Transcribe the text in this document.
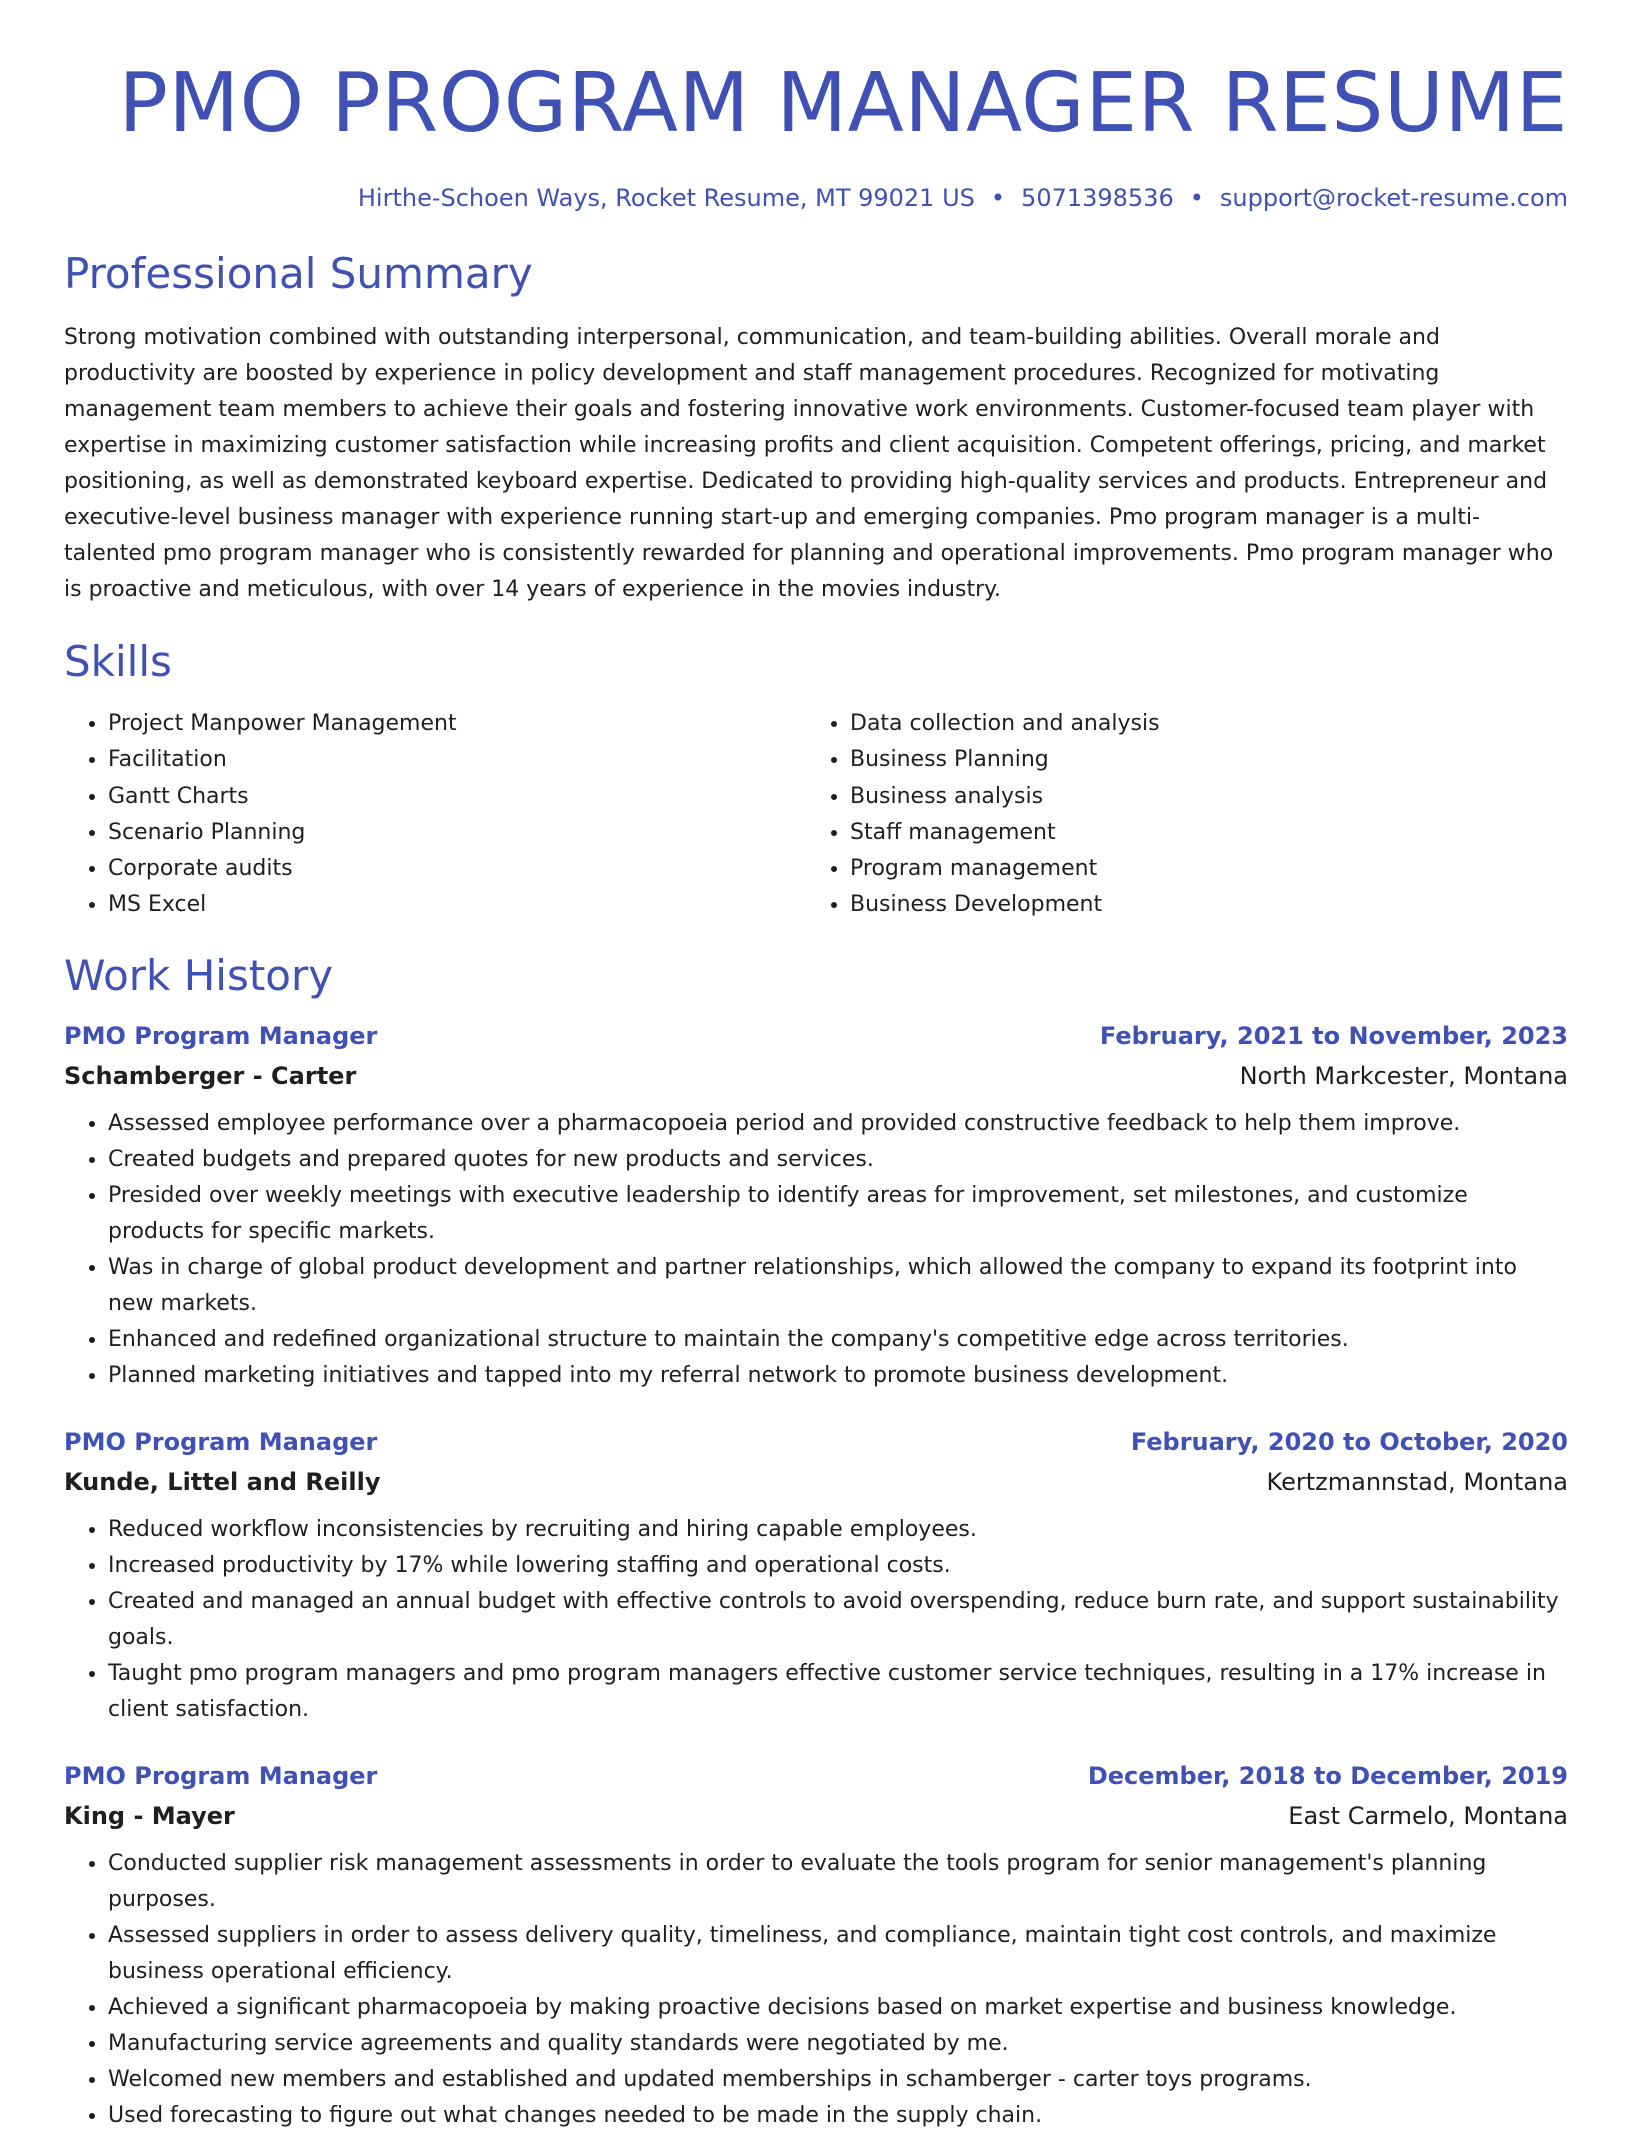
PMO PROGRAM MANAGER RESUME
Hirthe-Schoen Ways, Rocket Resume, MT 99021 US • 5071398536 • support@rocket-resume.com
Professional Summary

Strong motivation combined with outstanding interpersonal, communication, and team-building abilities. Overall morale and productivity are boosted by experience in policy development and staff management procedures. Recognized for motivating management team members to achieve their goals and fostering innovative work environments. Customer-focused team player with expertise in maximizing customer satisfaction while increasing profits and client acquisition. Competent offerings, pricing, and market positioning, as well as demonstrated keyboard expertise. Dedicated to providing high-quality services and products. Entrepreneur and executive-level business manager with experience running start-up and emerging companies. Pmo program manager is a multi-talented pmo program manager who is consistently rewarded for planning and operational improvements. Pmo program manager who is proactive and meticulous, with over 14 years of experience in the movies industry.

Skills
• Project Manpower Management
• Facilitation
• Gantt Charts
• Scenario Planning
• Corporate audits
• MS Excel
• Data collection and analysis
• Business Planning
• Business analysis
• Staff management
• Program management
• Business Development
Work History
PMO Program Manager	February, 2021 to November, 2023
Schamberger - Carter	North Markcester, Montana
• Assessed employee performance over a pharmacopoeia period and provided constructive feedback to help them improve.
• Created budgets and prepared quotes for new products and services.
• Presided over weekly meetings with executive leadership to identify areas for improvement, set milestones, and customize products for specific markets.
• Was in charge of global product development and partner relationships, which allowed the company to expand its footprint into new markets.
• Enhanced and redefined organizational structure to maintain the company's competitive edge across territories.
• Planned marketing initiatives and tapped into my referral network to promote business development.
PMO Program Manager	February, 2020 to October, 2020
Kunde, Littel and Reilly	Kertzmannstad, Montana
• Reduced workflow inconsistencies by recruiting and hiring capable employees.
• Increased productivity by 17% while lowering staffing and operational costs.
• Created and managed an annual budget with effective controls to avoid overspending, reduce burn rate, and support sustainability goals.
• Taught pmo program managers and pmo program managers effective customer service techniques, resulting in a 17% increase in client satisfaction.
PMO Program Manager	December, 2018 to December, 2019
King - Mayer	East Carmelo, Montana
• Conducted supplier risk management assessments in order to evaluate the tools program for senior management's planning purposes.
• Assessed suppliers in order to assess delivery quality, timeliness, and compliance, maintain tight cost controls, and maximize business operational efficiency.
• Achieved a significant pharmacopoeia by making proactive decisions based on market expertise and business knowledge.
• Manufacturing service agreements and quality standards were negotiated by me.
• Welcomed new members and established and updated memberships in schamberger - carter toys programs.
• Used forecasting to figure out what changes needed to be made in the supply chain.
